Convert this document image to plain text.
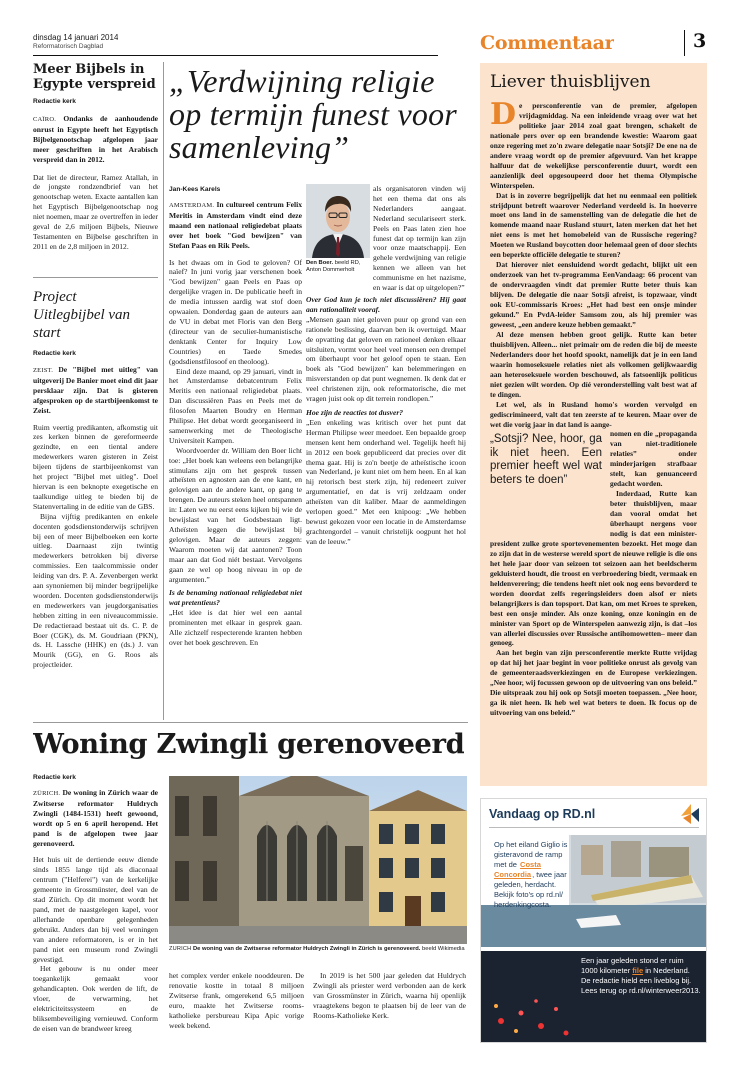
dinsdag 14 januari 2014
Reformatorisch Dagblad	Commentaar	3
Meer Bijbels in Egypte verspreid
Redactie kerk

CAÏRO. Ondanks de aanhoudende onrust in Egypte heeft het Egyptisch Bijbelgenootschap afgelopen jaar meer geschriften in het Arabisch verspreid dan in 2012.

Dat liet de directeur, Ramez Atallah, in de jongste rondzendbrief van het genootschap weten. Exacte aantallen kan het Egyptisch Bijbelgenootschap nog niet noemen, maar ze overtreffen in ieder geval de 2,6 miljoen Bijbels, Nieuwe Testamenten en Bijbelse geschriften in 2011 en de 2,8 miljoen in 2012.

Project Uitlegbijbel van start
Redactie kerk

ZEIST. De "Bijbel met uitleg" van uitgeverij De Banier moet eind dit jaar persklaar zijn. Dat is gisteren afgesproken op de startbijeenkomst te Zeist.

Ruim veertig predikanten, afkomstig uit zes kerken binnen de gereformeerde gezindte, en een tiental andere medewerkers waren gisteren in Zeist bijeen tijdens de startbijeenkomst van het project "Bijbel met uitleg". Doel hiervan is een beknopte exegetische en taalkundige uitleg te bieden bij de Statenvertaling in de editie van de GBS.

Bijna vijftig predikanten en enkele docenten godsdienstonderwijs schrijven bij een of meer Bijbelboeken een korte uitleg. Daarnaast zijn twintig medewerkers betrokken bij diverse commissies. Een taalcommissie onder leiding van drs. P. A. Zevenbergen werkt aan synoniemen bij minder begrijpelijke woorden. Docenten godsdienstonderwijs en medewerkers van jeugdorganisaties hebben zitting in een niveaucommissie. De redactieraad bestaat uit ds. C. P. de Boer (CGK), ds. M. Goudriaan (PKN), ds. H. Lassche (HHK) en (ds.) J. van Mourik (GG), en G. Roos als projectleider.

„Verdwijning religie op termijn funest voor samenleving”
Jan-Kees Karels

AMSTERDAM. In cultureel centrum Felix Meritis in Amsterdam vindt eind deze maand een nationaal religiedebat plaats over het boek "God bewijzen" van Stefan Paas en Rik Peels.

Is het dwaas om in God te geloven? Of naïef? In juni vorig jaar verschenen boek "God bewijzen" gaan Peels en Paas op dergelijke vragen in. De publicatie heeft in de media intussen aardig wat stof doen opwaaien. Donderdag gaan de auteurs aan de VU in debat met Floris van den Berg (directeur van de seculier-humanistische denktank Center for Inquiry Low Countries) en Taede Smedes (godsdienstfilosoof en theoloog).

Eind deze maand, op 29 januari, vindt in het Amsterdamse debatcentrum Felix Meritis een nationaal religiedebat plaats. Dan discussiëren Paas en Peels met de filosofen Maarten Boudry en Herman Philipse. Het debat wordt georganiseerd in samenwerking met de Theologische Universiteit Kampen.

Woordvoerder dr. William den Boer licht toe: „Het boek kan weleens een belangrijke stimulans zijn om het gesprek tussen atheïsten en agnosten aan de ene kant, en gelovigen aan de andere kant, op gang te brengen. De auteurs steken heel ontspannen in: Laten we nu eerst eens kijken bij wie de bewijslast van het Godsbestaan ligt. Atheïsten leggen die bewijslast bij gelovigen. Maar de auteurs zeggen: Waarom moeten wij dat aantonen? Toon maar aan dat God niét bestaat. Vervolgens gaan ze wel op hoog niveau in op de argumenten.”

Is de benaming nationaal religiedebat niet wat pretentieus?

„Het idee is dat hier wel een aantal prominenten met elkaar in gesprek gaan. Alle zichzelf respecterende kranten hebben over het boek geschreven. En

Den Boer. beeld RD, Anton Dommerholt

als organisatoren vinden wij het een thema dat ons als Nederlanders aangaat. Nederland seculariseert sterk. Peels en Paas laten zien hoe funest dat op termijn kan zijn voor onze maatschappij. Een gehele verdwijning van religie kennen we alleen van het communisme en het nazisme, en waar is dat op uitgelopen?”

Over God kun je toch niet discussiëren? Hij gaat aan rationaliteit vooraf.

„Mensen gaan niet geloven puur op grond van een rationele beslissing, daarvan ben ik overtuigd. Maar de opvatting dat geloven en rationeel denken elkaar uitsluiten, vormt voor heel veel mensen een drempel om überhaupt voor het geloof open te staan. Een boek als "God bewijzen" kan belemmeringen en misverstanden op dat punt wegnemen. Ik denk dat er veel christenen zijn, ook reformatorische, die met vragen juist ook op dit terrein rondlopen.”

Hoe zijn de reacties tot dusver?

„Een enkeling was kritisch over het punt dat Herman Philipse weer meedoet. Een bepaalde groep mensen kent hem onderhand wel. Tegelijk heeft hij in 2012 een boek gepubliceerd dat precies over dit thema gaat. Hij is zo'n beetje de atheïstische icoon van Nederland, je kunt niet om hem heen. En al kan hij retorisch best sterk zijn, hij redeneert zuiver argumentatief, en dat is vrij zeldzaam onder atheïsten van dit kaliber. Maar de aanmeldingen verlopen goed.” Met een knipoog: „We hebben bewust gekozen voor een locatie in de Amsterdamse grachtengordel – vanuit christelijk oogpunt het hol van de leeuw.”

Liever thuisblijven

De persconferentie van de premier, afgelopen vrijdagmiddag. Na een inleidende vraag over wat het politieke jaar 2014 zoal gaat brengen, schakelt de nationale pers over op een brandende kwestie: Waarom gaat onze regering met zo'n zware delegatie naar Sotsji? De ene na de andere vraag wordt op de premier afgevuurd. Van het krappe halfuur dat de wekelijkse persconferentie duurt, wordt een aanzienlijk deel opgesoupeerd door het thema Olympische Winterspelen.

Dat is in zoverre begrijpelijk dat het nu eenmaal een politiek strijdpunt betreft waarover Nederland verdeeld is. In hoeverre moet ons land in de samenstelling van de delegatie die het de komende maand naar Rusland stuurt, laten merken dat het het niet eens is met het homobeleid van de Russische regering? Moeten we Rusland boycotten door helemaal geen of door slechts een beperkte officiële delegatie te sturen?

Dat hierover niet eensluidend wordt gedacht, blijkt uit een onderzoek van het tv-programma EenVandaag: 66 procent van de ondervraagden vindt dat premier Rutte beter thuis kan blijven. De delegatie die naar Sotsji afreist, is topzwaar, vindt ook EU-commissaris Kroes: „Het had best een onsje minder gekund.” En PvdA-leider Samsom zou, als hij premier was geweest, „een andere keuze hebben gemaakt.”

Al deze mensen hebben groot gelijk. Rutte kan beter thuisblijven. Alleen... niet primair om de reden die bij de meeste Nederlanders door het hoofd spookt, namelijk dat je in een land waarin homoseksuele relaties niet als volkomen gelijkwaardig aan heteroseksuele worden beschouwd, als fatsoenlijk politicus niet gezien wilt worden. Op díé veronderstelling valt best wat af te dingen.

Let wel, als in Rusland homo's worden vervolgd en gediscrimineerd, valt dat ten zeerste af te keuren. Maar over de wet die vorig jaar in dat land is aange-

„Sotsji? Nee, hoor, ga ik niet heen. Een premier heeft wel wat beters te doen”

nomen en die „propaganda van niet-traditionele relaties” onder minderjarigen strafbaar stelt, kan genuanceerd gedacht worden.

Inderdaad, Rutte kan beter thuisblijven, maar dan vooral omdat het überhaupt nergens voor nodig is dat een minister-president zulke grote sportevenementen bezoekt. Het moge dan zo zijn dat in de westerse wereld sport de nieuwe religie is die ons het hele jaar door van seizoen tot seizoen aan het beeldscherm gekluisterd houdt, die troost en verbroedering biedt, vermaak en heldenverering; die tendens heeft niet ook nog eens bevorderd te worden doordat zelfs regeringsleiders doen alsof er niets belangrijkers is dan topsport. Dat kan, om met Kroes te spreken, best een onsje minder. Als onze koning, onze koningin en de minister van Sport op de Winterspelen aanwezig zijn, is dat –los van allerlei discussies over Russische antihomowetten– meer dan genoeg.

Aan het begin van zijn persconferentie merkte Rutte vrijdag op dat hij het jaar begint in voor politieke onrust als gevolg van de gemeenteraadsverkiezingen en de Europese verkiezingen. „Nee hoor, wij focussen gewoon op de uitvoering van ons beleid.” Die uitspraak zou hij ook op Sotsji moeten toepassen. „Nee hoor, ga ik niet heen. Ik heb wel wat beters te doen. Ik focus op de uitvoering van ons beleid.”

Woning Zwingli gerenoveerd
Redactie kerk

ZÜRICH. De woning in Zürich waar de Zwitserse reformator Huldrych Zwingli (1484-1531) heeft gewoond, wordt op 5 en 6 april heropend. Het pand is de afgelopen twee jaar gerenoveerd.

Het huis uit de dertiende eeuw diende sinds 1855 lange tijd als diaconaal centrum ("Helferei") van de kerkelijke gemeente in Grossmünster, deel van de stad Zürich. Op dit moment wordt het pand, met de naastgelegen kapel, voor allerhande openbare gelegenheden gebruikt. Anders dan bij veel woningen van andere reformatoren, is er in het pand niet een museum rond Zwingli gevestigd.

Het gebouw is nu onder meer toegankelijk gemaakt voor gehandicapten. Ook werden de lift, de vloer, de verwarming, het elektriciteitssysteem en de bliksembeveiliging vernieuwd. Conform de eisen van de brandweer kreeg

ZÜRICH De woning van de Zwitserse reformator Huldrych Zwingli in Zürich is gerenoveerd. beeld Wikimedia

het complex verder enkele nooddeuren. De renovatie kostte in totaal 8 miljoen Zwitserse frank, omgerekend 6,5 miljoen euro, maakte het Zwitserse rooms-katholieke persbureau Kipa Apic vorige week bekend.

In 2019 is het 500 jaar geleden dat Huldrych Zwingli als priester werd verbonden aan de kerk van Grossmünster in Zürich, waarna hij openlijk vraagtekens begon te plaatsen bij de leer van de Rooms-Katholieke Kerk.

Vandaag op RD.nl
Op het eiland Giglio is gisteravond de ramp met de Costa Concordia, twee jaar geleden, herdacht. Bekijk foto's op rd.nl/ herdenkingcosta.
Een jaar geleden stond er ruim 1000 kilometer file in Nederland. De redactie hield een liveblog bij. Lees terug op rd.nl/winterweer2013.
